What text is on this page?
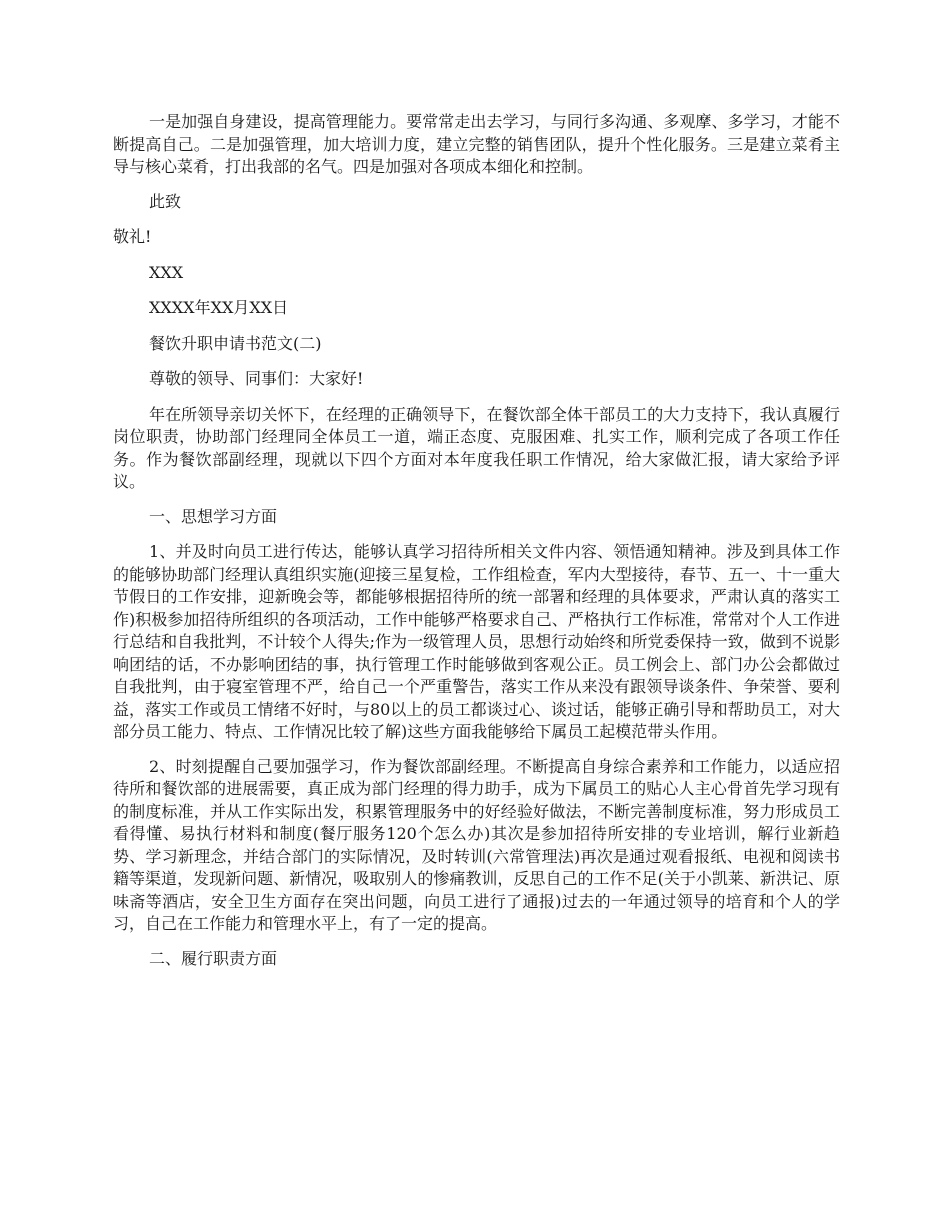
一是加强自身建设，提高管理能力。要常常走出去学习，与同行多沟通、多观摩、多学习，才能不断提高自己。二是加强管理，加大培训力度，建立完整的销售团队，提升个性化服务。三是建立菜肴主导与核心菜肴，打出我部的名气。四是加强对各项成本细化和控制。

此致

敬礼!

XXX

XXXX年XX月XX日

餐饮升职申请书范文(二)

尊敬的领导、同事们：大家好!

年在所领导亲切关怀下，在经理的正确领导下，在餐饮部全体干部员工的大力支持下，我认真履行岗位职责，协助部门经理同全体员工一道，端正态度、克服困难、扎实工作，顺利完成了各项工作任务。作为餐饮部副经理，现就以下四个方面对本年度我任职工作情况，给大家做汇报，请大家给予评议。

一、思想学习方面

1、并及时向员工进行传达，能够认真学习招待所相关文件内容、领悟通知精神。涉及到具体工作的能够协助部门经理认真组织实施(迎接三星复检，工作组检查，军内大型接待，春节、五一、十一重大节假日的工作安排，迎新晚会等，都能够根据招待所的统一部署和经理的具体要求，严肃认真的落实工作)积极参加招待所组织的各项活动，工作中能够严格要求自己、严格执行工作标准，常常对个人工作进行总结和自我批判，不计较个人得失;作为一级管理人员，思想行动始终和所党委保持一致，做到不说影响团结的话，不办影响团结的事，执行管理工作时能够做到客观公正。员工例会上、部门办公会都做过自我批判，由于寝室管理不严，给自己一个严重警告，落实工作从来没有跟领导谈条件、争荣誉、要利益，落实工作或员工情绪不好时，与80以上的员工都谈过心、谈过话，能够正确引导和帮助员工，对大部分员工能力、特点、工作情况比较了解)这些方面我能够给下属员工起模范带头作用。

2、时刻提醒自己要加强学习，作为餐饮部副经理。不断提高自身综合素养和工作能力，以适应招待所和餐饮部的进展需要，真正成为部门经理的得力助手，成为下属员工的贴心人主心骨首先学习现有的制度标准，并从工作实际出发，积累管理服务中的好经验好做法，不断完善制度标准，努力形成员工看得懂、易执行材料和制度(餐厅服务120个怎么办)其次是参加招待所安排的专业培训，解行业新趋势、学习新理念，并结合部门的实际情况，及时转训(六常管理法)再次是通过观看报纸、电视和阅读书籍等渠道，发现新问题、新情况，吸取别人的惨痛教训，反思自己的工作不足(关于小凯莱、新洪记、原味斋等酒店，安全卫生方面存在突出问题，向员工进行了通报)过去的一年通过领导的培育和个人的学习，自己在工作能力和管理水平上，有了一定的提高。

二、履行职责方面
